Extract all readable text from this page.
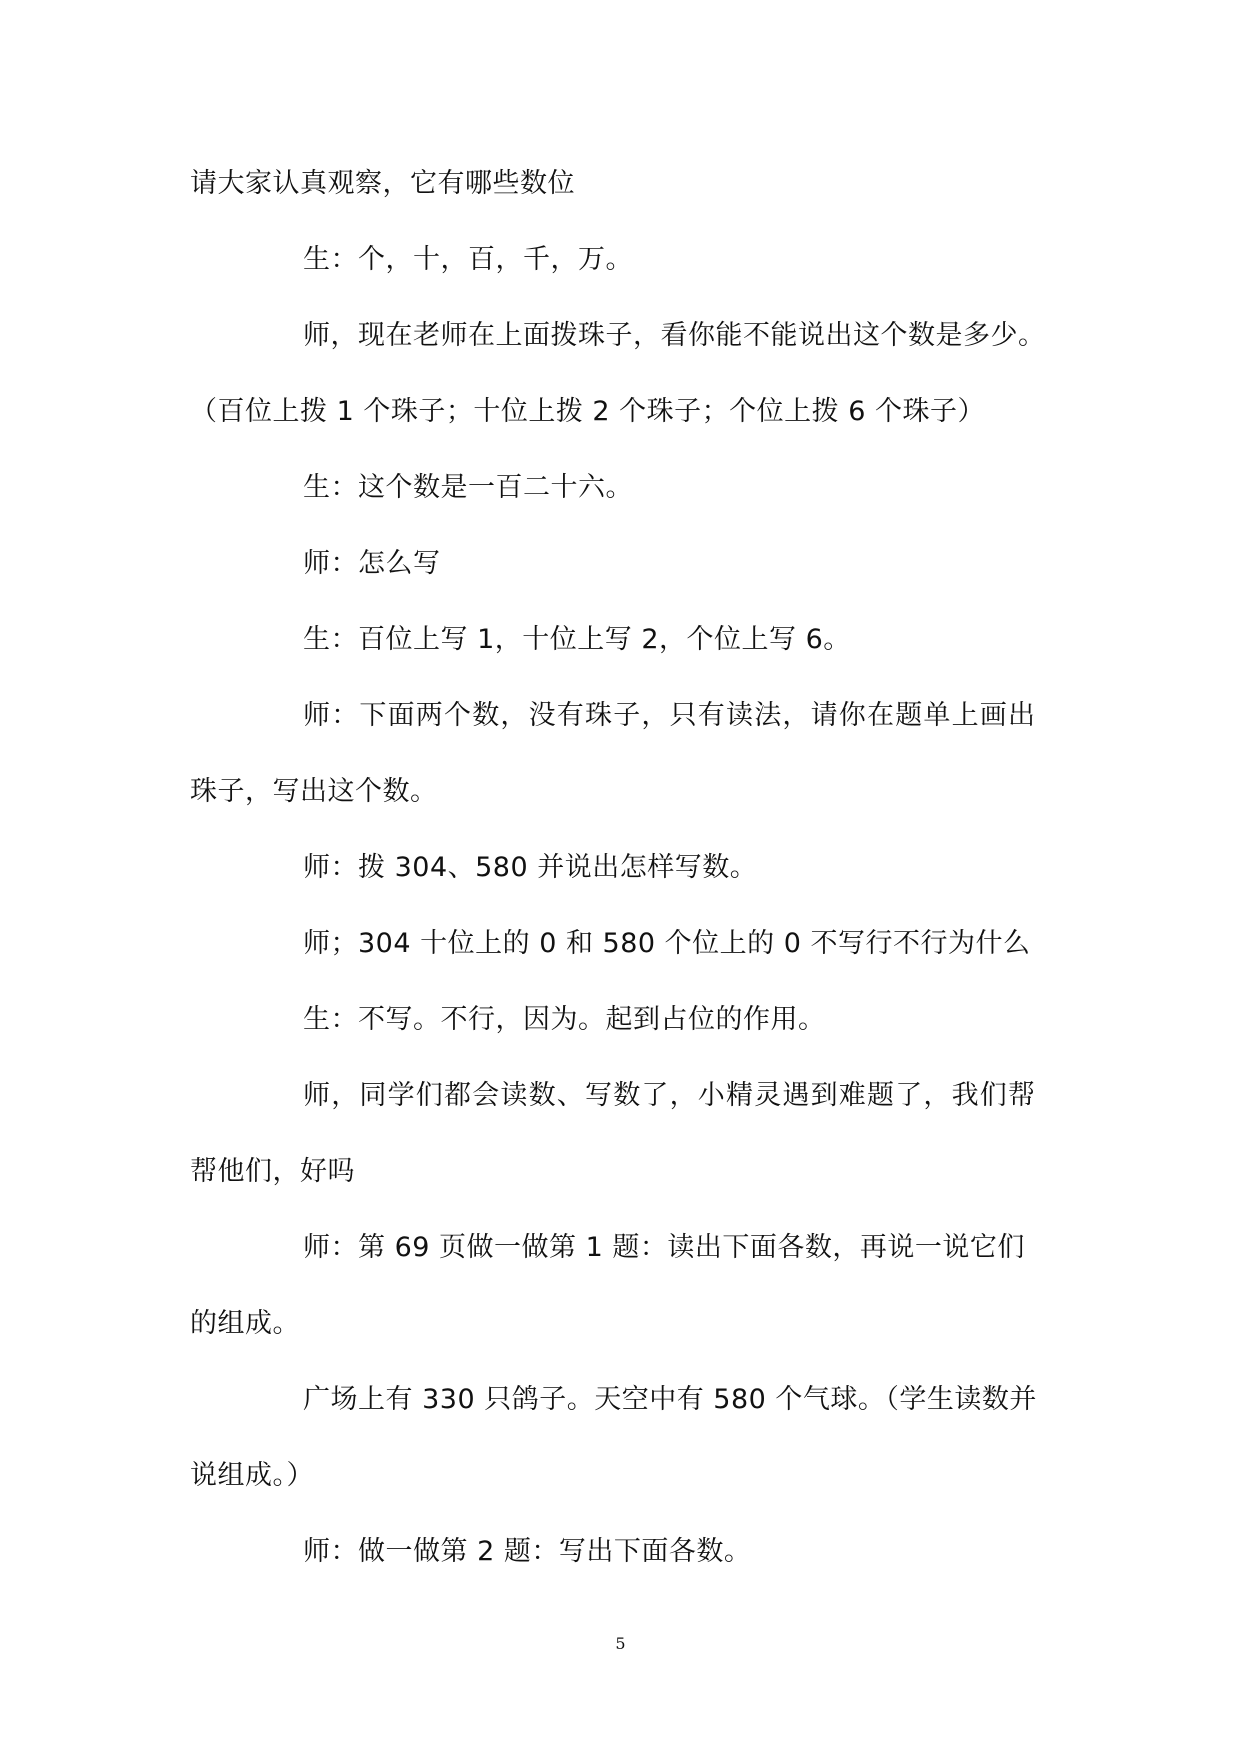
请大家认真观察，它有哪些数位
生：个，十，百，千，万。
师，现在老师在上面拨珠子，看你能不能说出这个数是多少。
（百位上拨 1 个珠子；十位上拨 2 个珠子；个位上拨 6 个珠子）
生：这个数是一百二十六。
师：怎么写
生：百位上写 1，十位上写 2，个位上写 6。
师：下面两个数，没有珠子，只有读法，请你在题单上画出
珠子，写出这个数。
师：拨 304、580 并说出怎样写数。
师；304 十位上的 0 和 580 个位上的 0 不写行不行为什么
生：不写。不行，因为。起到占位的作用。
师，同学们都会读数、写数了，小精灵遇到难题了，我们帮
帮他们，好吗
师：第 69 页做一做第 1 题：读出下面各数，再说一说它们
的组成。
广场上有 330 只鸽子。天空中有 580 个气球。（学生读数并
说组成。）
师：做一做第 2 题：写出下面各数。
5
